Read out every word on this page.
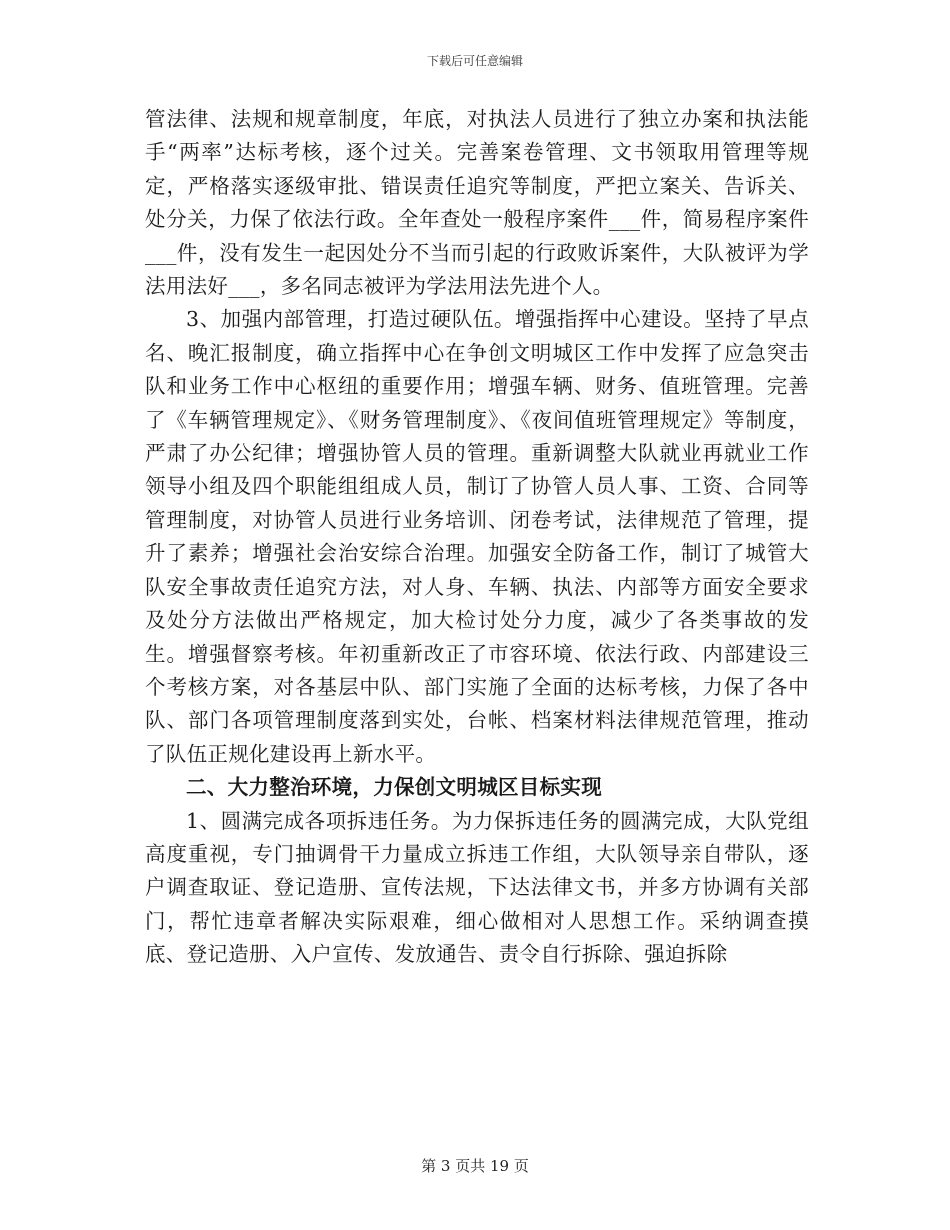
下载后可任意编辑

管法律、法规和规章制度，年底，对执法人员进行了独立办案和执法能手“两率”达标考核，逐个过关。完善案卷管理、文书领取用管理等规定，严格落实逐级审批、错误责任追究等制度，严把立案关、告诉关、处分关，力保了依法行政。全年查处一般程序案件___件，简易程序案件___件，没有发生一起因处分不当而引起的行政败诉案件，大队被评为学法用法好___，多名同志被评为学法用法先进个人。

3、加强内部管理，打造过硬队伍。增强指挥中心建设。坚持了早点名、晚汇报制度，确立指挥中心在争创文明城区工作中发挥了应急突击队和业务工作中心枢纽的重要作用；增强车辆、财务、值班管理。完善了《车辆管理规定》、《财务管理制度》、《夜间值班管理规定》等制度，严肃了办公纪律；增强协管人员的管理。重新调整大队就业再就业工作领导小组及四个职能组组成人员，制订了协管人员人事、工资、合同等管理制度，对协管人员进行业务培训、闭卷考试，法律规范了管理，提升了素养；增强社会治安综合治理。加强安全防备工作，制订了城管大队安全事故责任追究方法，对人身、车辆、执法、内部等方面安全要求及处分方法做出严格规定，加大检讨处分力度，减少了各类事故的发生。增强督察考核。年初重新改正了市容环境、依法行政、内部建设三个考核方案，对各基层中队、部门实施了全面的达标考核，力保了各中队、部门各项管理制度落到实处，台帐、档案材料法律规范管理，推动了队伍正规化建设再上新水平。

二、大力整治环境，力保创文明城区目标实现

1、圆满完成各项拆违任务。为力保拆违任务的圆满完成，大队党组高度重视，专门抽调骨干力量成立拆违工作组，大队领导亲自带队，逐户调查取证、登记造册、宣传法规，下达法律文书，并多方协调有关部门，帮忙违章者解决实际艰难，细心做相对人思想工作。采纳调查摸底、登记造册、入户宣传、发放通告、责令自行拆除、强迫拆除

第 3 页共 19 页
